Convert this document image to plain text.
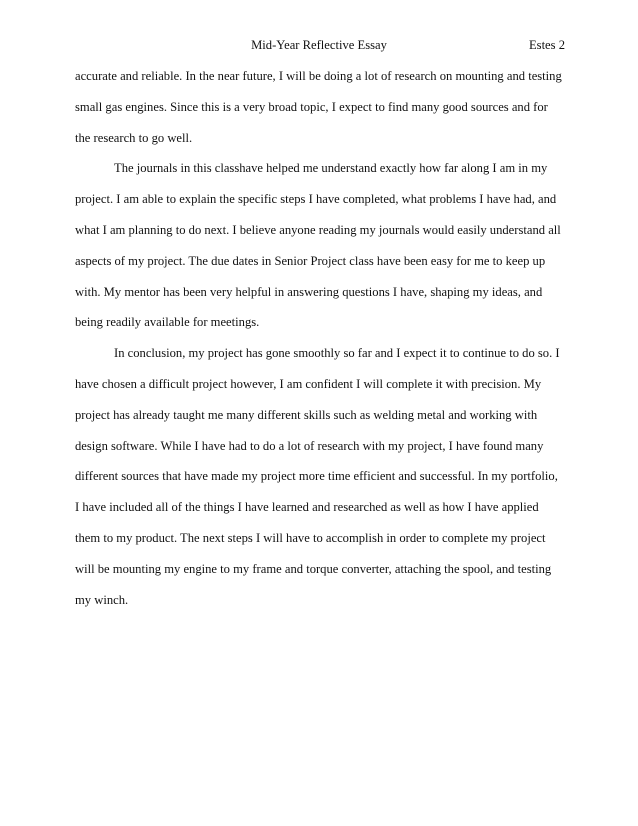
Mid-Year Reflective Essay	Estes 2
accurate and reliable. In the near future, I will be doing a lot of research on mounting and testing
small gas engines. Since this is a very broad topic, I expect to find many good sources and for
the research to go well.
The journals in this classhave helped me understand exactly how far along I am in my
project. I am able to explain the specific steps I have completed, what problems I have had, and
what I am planning to do next. I believe anyone reading my journals would easily understand all
aspects of my project. The due dates in Senior Project class have been easy for me to keep up
with. My mentor has been very helpful in answering questions I have, shaping my ideas, and
being readily available for meetings.
In conclusion, my project has gone smoothly so far and I expect it to continue to do so. I
have chosen a difficult project however, I am confident I will complete it with precision. My
project has already taught me many different skills such as welding metal and working with
design software. While I have had to do a lot of research with my project, I have found many
different sources that have made my project more time efficient and successful. In my portfolio,
I have included all of the things I have learned and researched as well as how I have applied
them to my product. The next steps I will have to accomplish in order to complete my project
will be mounting my engine to my frame and torque converter, attaching the spool, and testing
my winch.
